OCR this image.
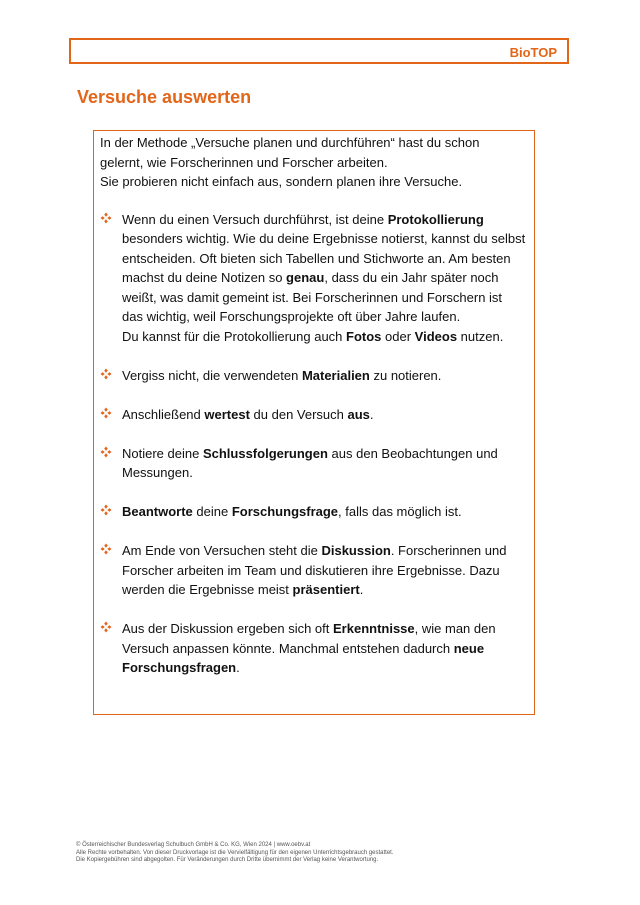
BioTOP
Versuche auswerten

In der Methode „Versuche planen und durchführen“ hast du schon
gelernt, wie Forscherinnen und Forscher arbeiten.
Sie probieren nicht einfach aus, sondern planen ihre Versuche.

Wenn du einen Versuch durchführst, ist deine Protokollierung besonders wichtig. Wie du deine Ergebnisse notierst, kannst du selbst entscheiden. Oft bieten sich Tabellen und Stichworte an. Am besten machst du deine Notizen so genau, dass du ein Jahr später noch weißt, was damit gemeint ist. Bei Forscherinnen und Forschern ist das wichtig, weil Forschungsprojekte oft über Jahre laufen.
Du kannst für die Protokollierung auch Fotos oder Videos nutzen.
Vergiss nicht, die verwendeten Materialien zu notieren.
Anschließend wertest du den Versuch aus.
Notiere deine Schlussfolgerungen aus den Beobachtungen und Messungen.
Beantworte deine Forschungsfrage, falls das möglich ist.
Am Ende von Versuchen steht die Diskussion. Forscherinnen und Forscher arbeiten im Team und diskutieren ihre Ergebnisse. Dazu werden die Ergebnisse meist präsentiert.
Aus der Diskussion ergeben sich oft Erkenntnisse, wie man den Versuch anpassen könnte. Manchmal entstehen dadurch neue Forschungsfragen.
© Österreichischer Bundesverlag Schulbuch GmbH & Co. KG, Wien 2024 | www.oebv.at
Alle Rechte vorbehalten. Von dieser Druckvorlage ist die Vervielfältigung für den eigenen Unterrichtsgebrauch gestattet.
Die Kopiergebühren sind abgegolten. Für Veränderungen durch Dritte übernimmt der Verlag keine Verantwortung.
